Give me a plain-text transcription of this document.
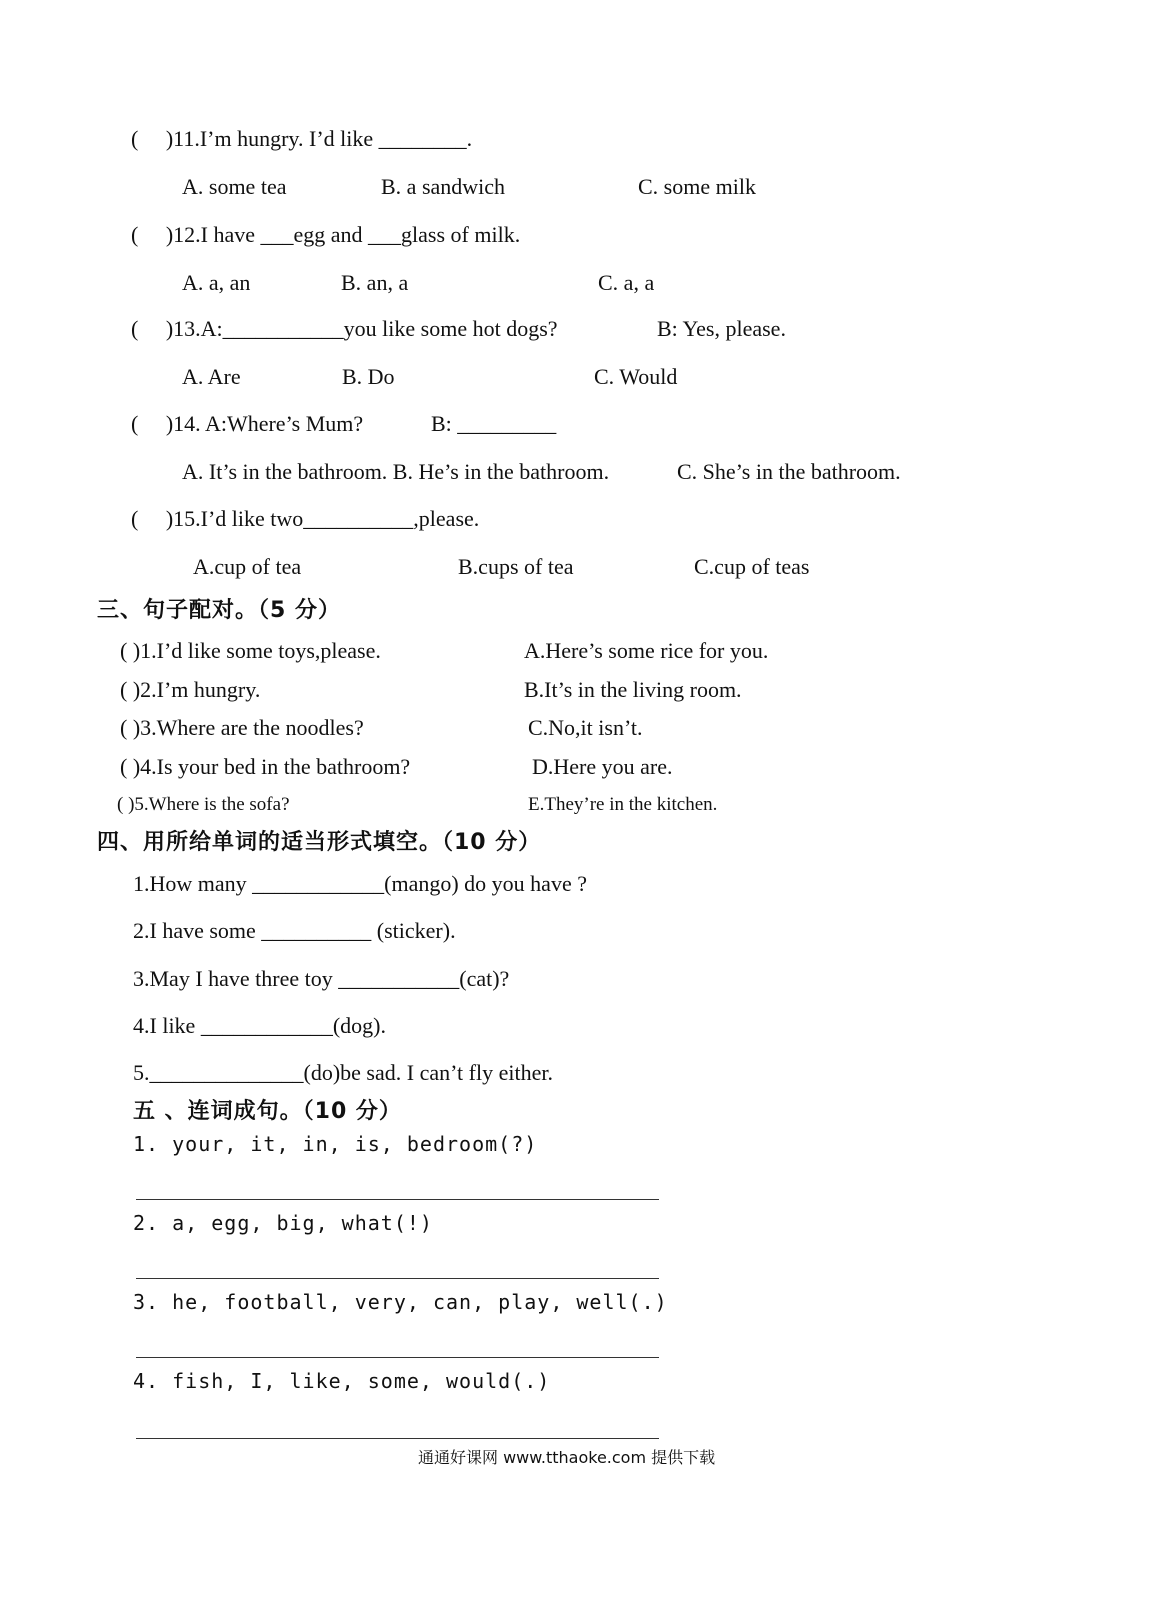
( )11.I’m hungry. I’d like ________.
A. some tea	B. a sandwich	C. some milk
( )12.I have ___egg and ___glass of milk.
A. a, an	B. an, a	C. a, a
( )13.A:___________you like some hot dogs?	B: Yes, please.
A. Are	B. Do	C. Would
( )14. A:Where’s Mum?	B: _________
A. It’s in the bathroom. B. He’s in the bathroom.	C. She’s in the bathroom.
( )15.I’d like two__________,please.
A.cup of tea	B.cups of tea	C.cup of teas
三、句子配对。（5 分）
( )1.I’d like some toys,please.	A.Here’s some rice for you.
( )2.I’m hungry.	B.It’s in the living room.
( )3.Where are the noodles?	C.No,it isn’t.
( )4.Is your bed in the bathroom?	D.Here you are.
( )5.Where is the sofa?	E.They’re in the kitchen.
四、用所给单词的适当形式填空。（10 分）
1.How many ____________(mango) do you have ?
2.I have some __________ (sticker).
3.May I have three toy ___________(cat)?
4.I like ____________(dog).
5.______________(do)be sad. I can’t fly either.
五 、连词成句。（10 分）
1. your, it, in, is, bedroom(?)
2. a, egg, big, what(!)
3. he, football, very, can, play, well(.)
4. fish, I, like, some, would(.)
通通好课网 www.tthaoke.com 提供下载
